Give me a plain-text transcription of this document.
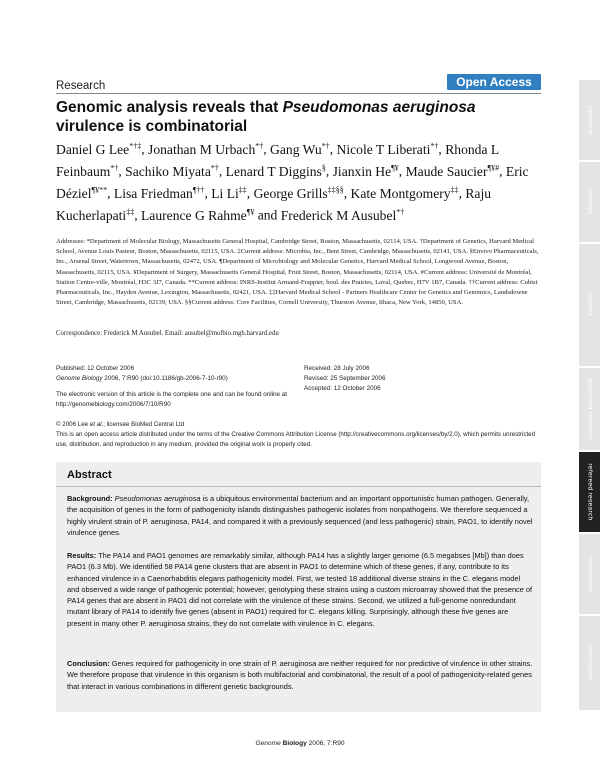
Research	Open Access
Genomic analysis reveals that Pseudomonas aeruginosa virulence is combinatorial
Daniel G Lee*†‡, Jonathan M Urbach*†, Gang Wu*†, Nicole T Liberati*†, Rhonda L Feinbaum*†, Sachiko Miyata*†, Lenard T Diggins§, Jianxin He¶¥, Maude Saucier¶¥#, Eric Déziel¶¥**, Lisa Friedman¶††, Li Li‡‡, George Grills‡‡§§, Kate Montgomery‡‡, Raju Kucherlapati‡‡, Laurence G Rahme¶¥ and Frederick M Ausubel*†
Addresses: *Department of Molecular Biology, Massachusetts General Hospital, Cambridge Street, Boston, Massachusetts, 02114, USA. †Department of Genetics, Harvard Medical School, Avenue Louis Pasteur, Boston, Massachusetts, 02115, USA. ‡Current address: Microbia, Inc., Bent Street, Cambridge, Massachusetts, 02141, USA. §Envivo Pharmaceuticals, Inc., Arsenal Street, Watertown, Massachusetts, 02472, USA. ¶Department of Microbiology and Molecular Genetics, Harvard Medical School, Longwood Avenue, Boston, Massachusetts, 02115, USA. ¥Department of Surgery, Massachusetts General Hospital, Fruit Street, Boston, Massachusetts, 02114, USA. #Current address: Université de Montréal, Station Centre-ville, Montréal, H3C 3J7, Canada. **Current address: INRS-Institut Armand-Frappier, boul. des Prairies, Laval, Quebec, H7V 1B7, Canada. ††Current address: Cubist Pharmaceuticals, Inc., Hayden Avenue, Lexington, Massachusetts, 02421, USA. ‡‡Harvard Medical School - Partners Healthcare Center for Genetics and Genomics, Landsdowne Street, Cambridge, Massachusetts, 02139, USA. §§Current address: Core Facilities, Cornell University, Thurston Avenue, Ithaca, New York, 14850, USA.
Correspondence: Frederick M Ausubel. Email: ausubel@molbio.mgh.harvard.edu

Published: 12 October 2006

Genome Biology 2006, 7:R90 (doi:10.1186/gb-2006-7-10-r90)

The electronic version of this article is the complete one and can be found online at http://genomebiology.com/2006/7/10/R90

Received: 28 July 2006

Revised: 25 September 2006

Accepted: 12 October 2006

© 2006 Lee et al.; licensee BioMed Central Ltd

This is an open access article distributed under the terms of the Creative Commons Attribution License (http://creativecommons.org/licenses/by/2.0), which permits unrestricted use, distribution, and reproduction in any medium, provided the original work is properly cited.

Abstract
Background: Pseudomonas aeruginosa is a ubiquitous environmental bacterium and an important opportunistic human pathogen. Generally, the acquisition of genes in the form of pathogenicity islands distinguishes pathogenic isolates from nonpathogens. We therefore sequenced a highly virulent strain of P. aeruginosa, PA14, and compared it with a previously sequenced (and less pathogenic) strain, PAO1, to identify novel virulence genes.
Results: The PA14 and PAO1 genomes are remarkably similar, although PA14 has a slightly larger genome (6.5 megabses [Mb]) than does PAO1 (6.3 Mb). We identified 58 PA14 gene clusters that are absent in PAO1 to determine which of these genes, if any, contribute to its enhanced virulence in a Caenorhabditis elegans pathogenicity model. First, we tested 18 additional diverse strains in the C. elegans model and observed a wide range of pathogenic potential; however, genotyping these strains using a custom microarray showed that the presence of PA14 genes that are absent in PAO1 did not correlate with the virulence of these strains. Second, we utilized a full-genome nonredundant mutant library of PA14 to identify five genes (absent in PAO1) required for C. elegans killing. Surprisingly, although these five genes are present in many other P. aeruginosa strains, they do not correlate with virulence in C. elegans.
Conclusion: Genes required for pathogenicity in one strain of P. aeruginosa are neither required for nor predictive of virulence in other strains. We therefore propose that virulence in this organism is both multifactorial and combinatorial, the result of a pool of pathogenicity-related genes that interact in various combinations in different genetic backgrounds.
Genome Biology 2006, 7:R90
comment
reviews
reports
deposited research
refereed research
interactions
information
